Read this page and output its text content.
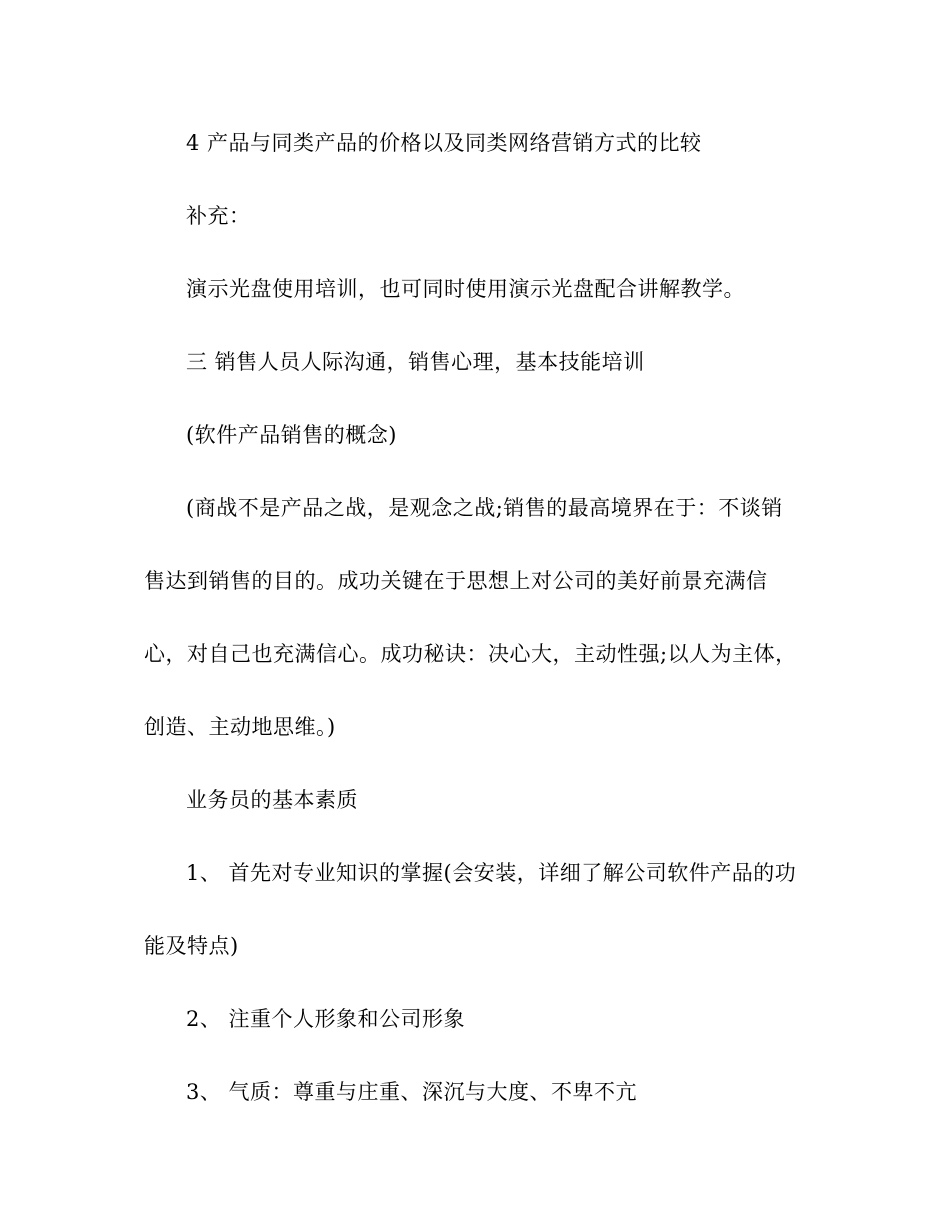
4 产品与同类产品的价格以及同类网络营销方式的比较

补充：

演示光盘使用培训，也可同时使用演示光盘配合讲解教学。

三 销售人员人际沟通，销售心理，基本技能培训

(软件产品销售的概念)

(商战不是产品之战，是观念之战;销售的最高境界在于：不谈销

售达到销售的目的。成功关键在于思想上对公司的美好前景充满信

心，对自己也充满信心。成功秘诀：决心大，主动性强;以人为主体，

创造、主动地思维。)

业务员的基本素质

1、 首先对专业知识的掌握(会安装，详细了解公司软件产品的功

能及特点)

2、 注重个人形象和公司形象

3、 气质：尊重与庄重、深沉与大度、不卑不亢
